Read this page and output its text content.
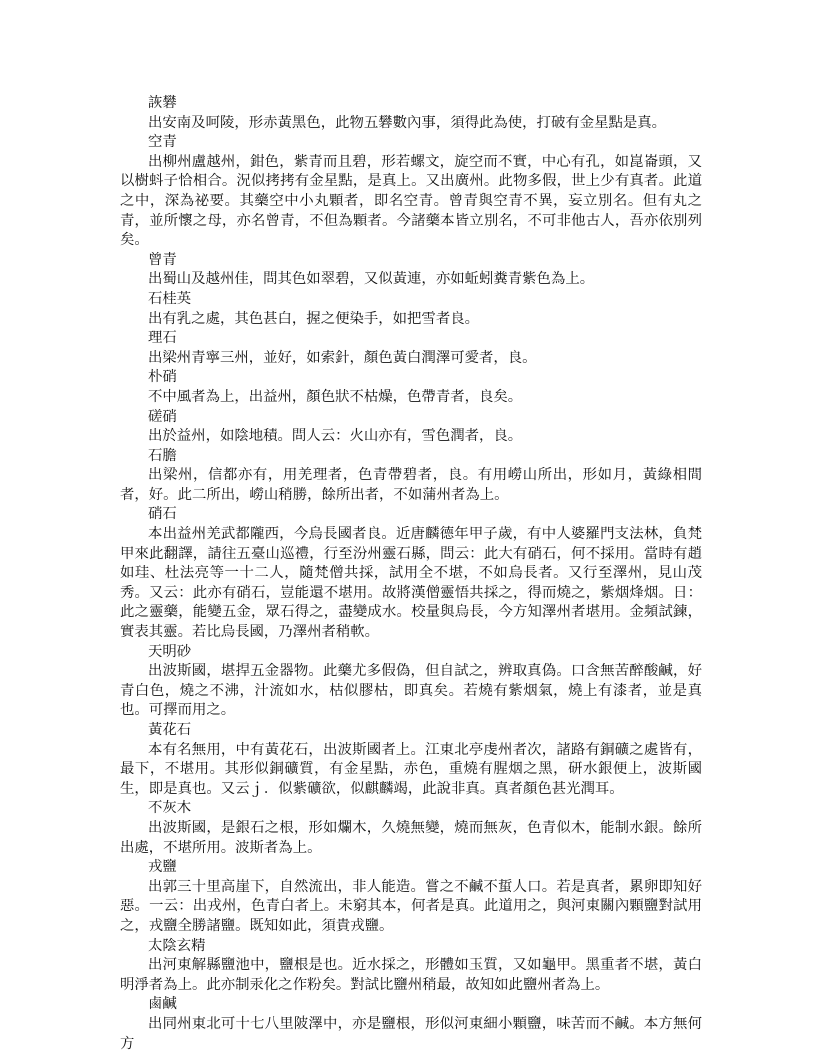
詼礬

出安南及呵陵，形赤黃黑色，此物五礬數內事，須得此為使，打破有金星點是真。

空青

出柳州盧越州，鉗色，紫青而且碧，形若螺文，旋空而不實，中心有孔，如崑崙頭，又以樹蚪子恰相合。況似拷拷有金星點，是真上。又出廣州。此物多假，世上少有真者。此道之中，深為祕要。其藥空中小丸顆者，即名空青。曾青與空青不異，妄立別名。但有丸之青，並所懷之母，亦名曾青，不但為顆者。今諸藥本皆立別名，不可非他古人，吾亦依別列矣。

曾青

出蜀山及越州佳，問其色如翠碧，又似黃連，亦如蚯蚓糞青紫色為上。

石桂英

出有乳之處，其色甚白，握之便染手，如把雪者良。

理石

出梁州青寧三州，並好，如索針，顏色黃白潤澤可愛者，良。

朴硝

不中風者為上，出益州，顏色狀不枯燥，色帶青者，良矣。

磋硝

出於益州，如陰地積。問人云：火山亦有，雪色潤者，良。

石膽

出梁州，信都亦有，用羌理者，色青帶碧者，良。有用嶗山所出，形如月，黃綠相間者，好。此二所出，嶗山稍勝，餘所出者，不如蒲州者為上。

硝石

本出益州羌武都隴西，今烏長國者良。近唐麟德年甲子歲，有中人婆羅門支法林，負梵甲來此翻譯，請往五臺山巡禮，行至汾州靈石縣，問云：此大有硝石，何不採用。當時有趙如珪、杜法亮等一十二人，隨梵僧共採，試用全不堪，不如烏長者。又行至澤州，見山茂秀。又云：此亦有硝石，豈能還不堪用。故將漢僧靈悟共採之，得而燒之，紫烟烽烟。日：此之靈藥，能變五金，眾石得之，盡變成水。校量與烏長，今方知澤州者堪用。金頻試鍊，實表其靈。若比烏長國，乃澤州者稍軟。

天明砂

出波斯國，堪捍五金器物。此藥尤多假偽，但自試之，辨取真偽。口含無苦醉酸鹹，好青白色，燒之不沸，汁流如水，枯似膠枯，即真矣。若燒有紫烟氣，燒上有漆者，並是真也。可擇而用之。

黃花石

本有名無用，中有黃花石，出波斯國者上。江東北亭虔州者次，諸路有銅礦之處皆有，最下，不堪用。其形似銅礦質，有金星點，赤色，重燒有腥烟之黑，研水銀便上，波斯國生，即是真也。又云ｊ．似紫礦欲，似麒麟竭，此說非真。真者顏色甚光潤耳。

不灰木

出波斯國，是銀石之根，形如爛木，久燒無變，燒而無灰，色青似木，能制水銀。餘所出處，不堪所用。波斯者為上。

戎鹽

出郭三十里高崖下，自然流出，非人能造。嘗之不鹹不蜇人口。若是真者，累卵即知好惡。一云：出戎州，色青白者上。未窮其本，何者是真。此道用之，與河東關內顆鹽對試用之，戎鹽全勝諸鹽。既知如此，須貴戎鹽。

太陰玄精

出河東解縣鹽池中，鹽根是也。近水採之，形體如玉質，又如龜甲。黑重者不堪，黃白明淨者為上。此亦制汞化之作粉矣。對試比鹽州稍最，故知如此鹽州者為上。

鹵鹹

出同州東北可十七八里陂澤中，亦是鹽根，形似河東細小顆鹽，味苦而不鹹。本方無何方
